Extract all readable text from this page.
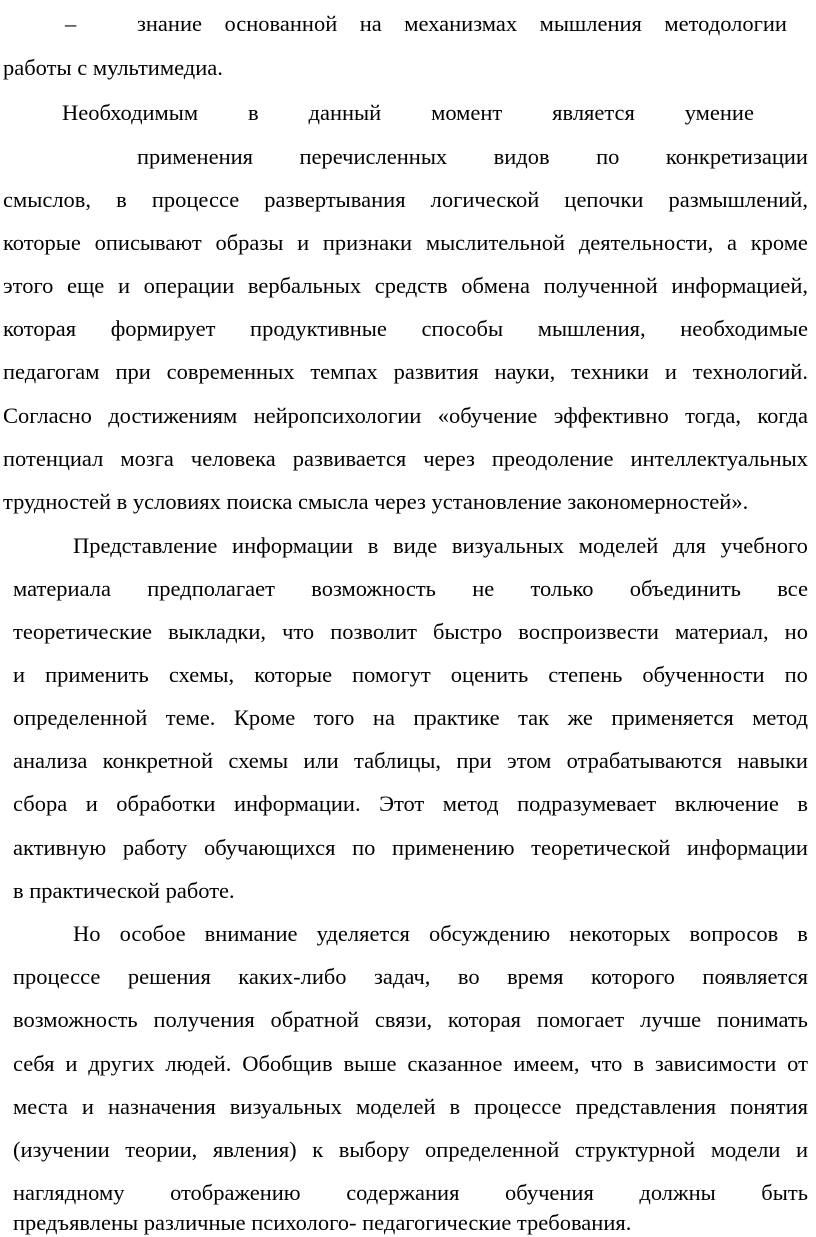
–	знание основанной на механизмах мышления методологии
работы с мультимедиа.
Необходимым в данный момент является умение
применения перечисленных видов по конкретизации
смыслов, в процессе развертывания логической цепочки размышлений,
которые описывают образы и признаки мыслительной деятельности, а кроме
этого еще и операции вербальных средств обмена полученной информацией,
которая формирует продуктивные способы мышления, необходимые
педагогам при современных темпах развития науки, техники и технологий.
Согласно достижениям нейропсихологии «обучение эффективно тогда, когда
потенциал мозга человека развивается через преодоление интеллектуальных
трудностей в условиях поиска смысла через установление закономерностей».
Представление информации в виде визуальных моделей для учебного
материала предполагает возможность не только объединить все
теоретические выкладки, что позволит быстро воспроизвести материал, но
и применить схемы, которые помогут оценить степень обученности по
определенной теме. Кроме того на практике так же применяется метод
анализа конкретной схемы или таблицы, при этом отрабатываются навыки
сбора и обработки информации. Этот метод подразумевает включение в
активную работу обучающихся по применению теоретической информации
в практической работе.
Но особое внимание уделяется обсуждению некоторых вопросов в
процессе решения каких-либо задач, во время которого появляется
возможность получения обратной связи, которая помогает лучше понимать
себя и других людей. Обобщив выше сказанное имеем, что в зависимости от
места и назначения визуальных моделей в процессе представления понятия
(изучении теории, явления) к выбору определенной структурной модели и
наглядному отображению содержания обучения должны быть
предъявлены различные психолого- педагогические требования.
